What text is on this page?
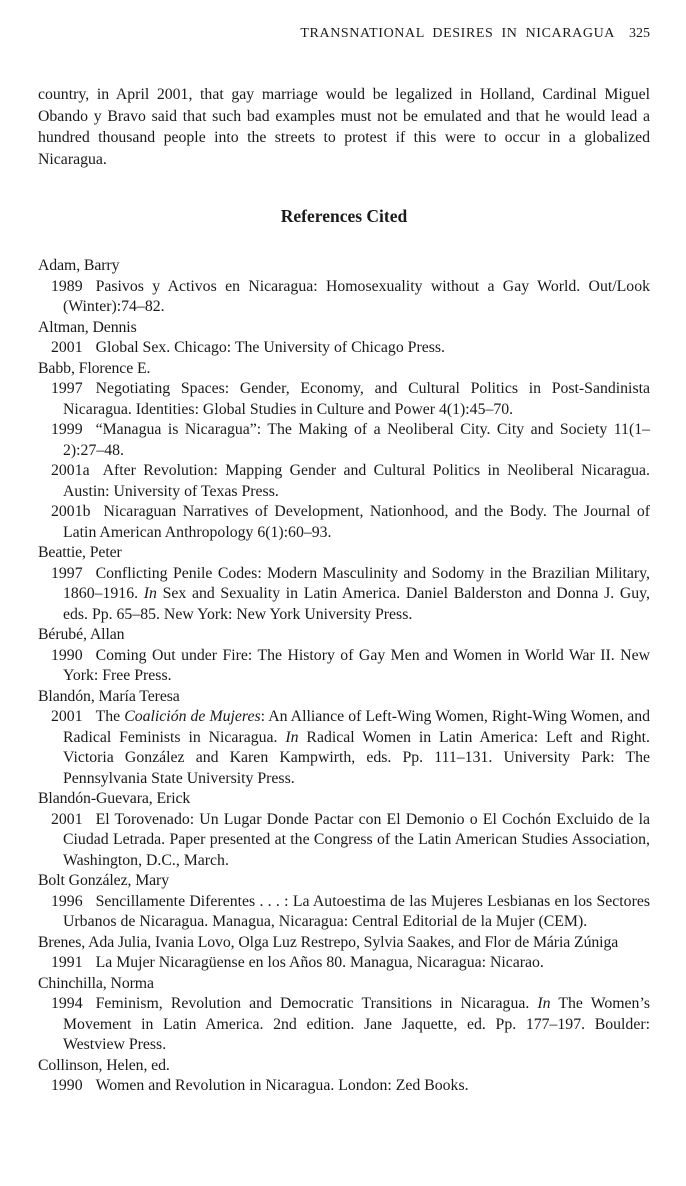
TRANSNATIONAL DESIRES IN NICARAGUA 325

country, in April 2001, that gay marriage would be legalized in Holland, Cardinal Miguel Obando y Bravo said that such bad examples must not be emulated and that he would lead a hundred thousand people into the streets to protest if this were to occur in a globalized Nicaragua.

References Cited
Adam, Barry

1989 Pasivos y Activos en Nicaragua: Homosexuality without a Gay World. Out/Look (Winter):74–82.

Altman, Dennis

2001 Global Sex. Chicago: The University of Chicago Press.

Babb, Florence E.

1997 Negotiating Spaces: Gender, Economy, and Cultural Politics in Post-Sandinista Nicaragua. Identities: Global Studies in Culture and Power 4(1):45–70.

1999 “Managua is Nicaragua”: The Making of a Neoliberal City. City and Society 11(1–2):27–48.

2001a After Revolution: Mapping Gender and Cultural Politics in Neoliberal Nicaragua. Austin: University of Texas Press.

2001b Nicaraguan Narratives of Development, Nationhood, and the Body. The Journal of Latin American Anthropology 6(1):60–93.

Beattie, Peter

1997 Conflicting Penile Codes: Modern Masculinity and Sodomy in the Brazilian Military, 1860–1916. In Sex and Sexuality in Latin America. Daniel Balderston and Donna J. Guy, eds. Pp. 65–85. New York: New York University Press.

Bérubé, Allan

1990 Coming Out under Fire: The History of Gay Men and Women in World War II. New York: Free Press.

Blandón, María Teresa

2001 The Coalición de Mujeres: An Alliance of Left-Wing Women, Right-Wing Women, and Radical Feminists in Nicaragua. In Radical Women in Latin America: Left and Right. Victoria González and Karen Kampwirth, eds. Pp. 111–131. University Park: The Pennsylvania State University Press.

Blandón-Guevara, Erick

2001 El Torovenado: Un Lugar Donde Pactar con El Demonio o El Cochón Excluido de la Ciudad Letrada. Paper presented at the Congress of the Latin American Studies Association, Washington, D.C., March.

Bolt González, Mary

1996 Sencillamente Diferentes . . . : La Autoestima de las Mujeres Lesbianas en los Sectores Urbanos de Nicaragua. Managua, Nicaragua: Central Editorial de la Mujer (CEM).

Brenes, Ada Julia, Ivania Lovo, Olga Luz Restrepo, Sylvia Saakes, and Flor de Mária Zúniga

1991 La Mujer Nicaragüense en los Años 80. Managua, Nicaragua: Nicarao.

Chinchilla, Norma

1994 Feminism, Revolution and Democratic Transitions in Nicaragua. In The Women’s Movement in Latin America. 2nd edition. Jane Jaquette, ed. Pp. 177–197. Boulder: Westview Press.

Collinson, Helen, ed.

1990 Women and Revolution in Nicaragua. London: Zed Books.
